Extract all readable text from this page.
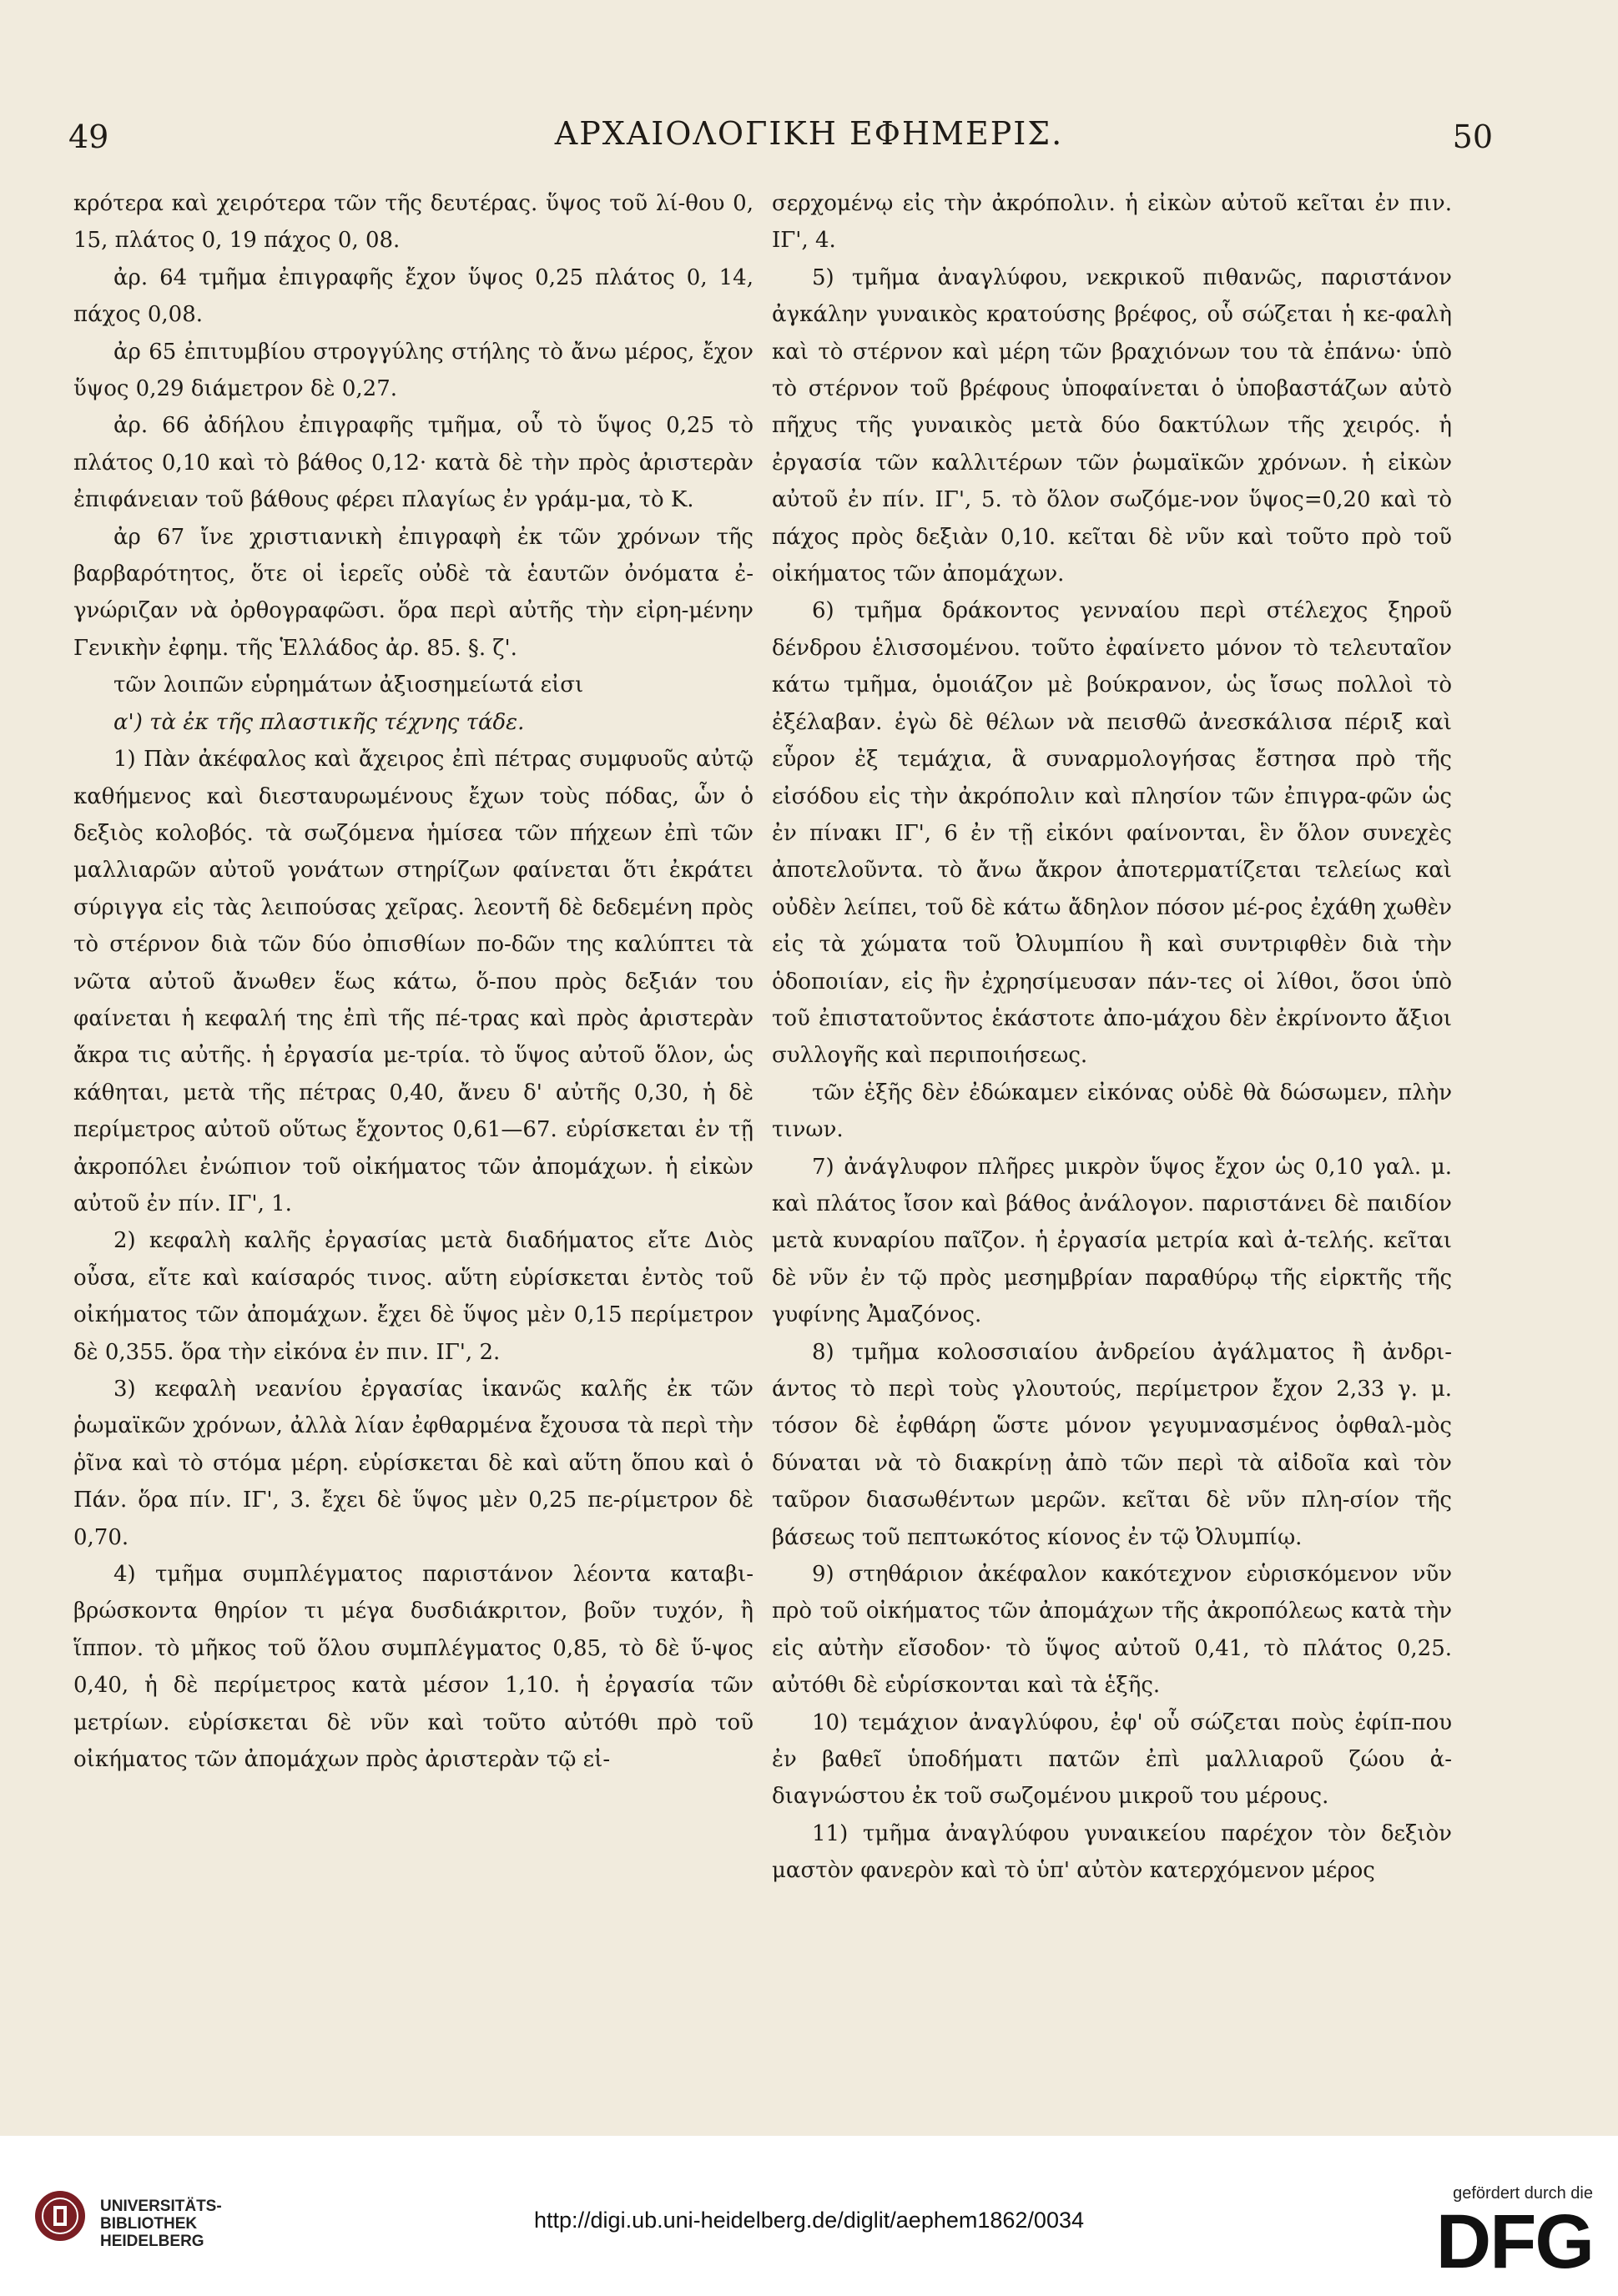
49	ΑΡΧΑΙΟΛΟΓΙΚΗ ΕΦΗΜΕΡΙΣ.	50

κρότερα καὶ χειρότερα τῶν τῆς δευτέρας. ὕψος τοῦ λί-θου 0, 15, πλάτος 0, 19 πάχος 0, 08.

ἀρ. 64 τμῆμα ἐπιγραφῆς ἔχον ὕψος 0,25 πλάτος 0, 14, πάχος 0,08.

ἀρ 65 ἐπιτυμβίου στρογγύλης στήλης τὸ ἄνω μέρος, ἔχον ὕψος 0,29 διάμετρον δὲ 0,27.

ἀρ. 66 ἀδήλου ἐπιγραφῆς τμῆμα, οὗ τὸ ὕψος 0,25 τὸ πλάτος 0,10 καὶ τὸ βάθος 0,12· κατὰ δὲ τὴν πρὸς ἀριστερὰν ἐπιφάνειαν τοῦ βάθους φέρει πλαγίως ἐν γράμ-μα, τὸ Κ.

ἀρ 67 ἴνε χριστιανικὴ ἐπιγραφὴ ἐκ τῶν χρόνων τῆς βαρβαρότητος, ὅτε οἱ ἱερεῖς οὐδὲ τὰ ἑαυτῶν ὀνόματα ἐ-γνώριζαν νὰ ὀρθογραφῶσι. ὅρα περὶ αὐτῆς τὴν εἰρη-μένην Γενικὴν ἐφημ. τῆς Ἑλλάδος ἀρ. 85. §. ζ'.

τῶν λοιπῶν εὑρημάτων ἀξιοσημείωτά εἰσι

α') τὰ ἐκ τῆς πλαστικῆς τέχνης τάδε.

1) Πὰν ἀκέφαλος καὶ ἄχειρος ἐπὶ πέτρας συμφυοῦς αὐτῷ καθήμενος καὶ διεσταυρωμένους ἔχων τοὺς πόδας, ὧν ὁ δεξιὸς κολοβός. τὰ σωζόμενα ἡμίσεα τῶν πήχεων ἐπὶ τῶν μαλλιαρῶν αὐτοῦ γονάτων στηρίζων φαίνεται ὅτι ἐκράτει σύριγγα εἰς τὰς λειπούσας χεῖρας. λεοντῆ δὲ δεδεμένη πρὸς τὸ στέρνον διὰ τῶν δύο ὀπισθίων πο-δῶν της καλύπτει τὰ νῶτα αὐτοῦ ἄνωθεν ἕως κάτω, ὅ-που πρὸς δεξιάν του φαίνεται ἡ κεφαλή της ἐπὶ τῆς πέ-τρας καὶ πρὸς ἀριστερὰν ἄκρα τις αὐτῆς. ἡ ἐργασία με-τρία. τὸ ὕψος αὐτοῦ ὅλον, ὡς κάθηται, μετὰ τῆς πέτρας 0,40, ἄνευ δ' αὐτῆς 0,30, ἡ δὲ περίμετρος αὐτοῦ οὕτως ἔχοντος 0,61—67. εὑρίσκεται ἐν τῇ ἀκροπόλει ἐνώπιον τοῦ οἰκήματος τῶν ἀπομάχων. ἡ εἰκὼν αὐτοῦ ἐν πίν. ΙΓ', 1.

2) κεφαλὴ καλῆς ἐργασίας μετὰ διαδήματος εἴτε Διὸς οὖσα, εἴτε καὶ καίσαρός τινος. αὕτη εὑρίσκεται ἐντὸς τοῦ οἰκήματος τῶν ἀπομάχων. ἔχει δὲ ὕψος μὲν 0,15 περίμετρον δὲ 0,355. ὅρα τὴν εἰκόνα ἐν πιν. ΙΓ', 2.

3) κεφαλὴ νεανίου ἐργασίας ἱκανῶς καλῆς ἐκ τῶν ῥωμαϊκῶν χρόνων, ἀλλὰ λίαν ἐφθαρμένα ἔχουσα τὰ περὶ τὴν ῥῖνα καὶ τὸ στόμα μέρη. εὑρίσκεται δὲ καὶ αὕτη ὅπου καὶ ὁ Πάν. ὅρα πίν. ΙΓ', 3. ἔχει δὲ ὕψος μὲν 0,25 πε-ρίμετρον δὲ 0,70.

4) τμῆμα συμπλέγματος παριστάνον λέοντα καταβι-βρώσκοντα θηρίον τι μέγα δυσδιάκριτον, βοῦν τυχόν, ἢ ἵππον. τὸ μῆκος τοῦ ὅλου συμπλέγματος 0,85, τὸ δὲ ὕ-ψος 0,40, ἡ δὲ περίμετρος κατὰ μέσον 1,10. ἡ ἐργασία τῶν μετρίων. εὑρίσκεται δὲ νῦν καὶ τοῦτο αὐτόθι πρὸ τοῦ οἰκήματος τῶν ἀπομάχων πρὸς ἀριστερὰν τῷ εἰ-

σερχομένῳ εἰς τὴν ἀκρόπολιν. ἡ εἰκὼν αὐτοῦ κεῖται ἐν πιν. ΙΓ', 4.

5) τμῆμα ἀναγλύφου, νεκρικοῦ πιθανῶς, παριστάνον ἀγκάλην γυναικὸς κρατούσης βρέφος, οὗ σώζεται ἡ κε-φαλὴ καὶ τὸ στέρνον καὶ μέρη τῶν βραχιόνων του τὰ ἐπάνω· ὑπὸ τὸ στέρνον τοῦ βρέφους ὑποφαίνεται ὁ ὑποβαστάζων αὐτὸ πῆχυς τῆς γυναικὸς μετὰ δύο δακτύλων τῆς χειρός. ἡ ἐργασία τῶν καλλιτέρων τῶν ῥωμαϊκῶν χρόνων. ἡ εἰκὼν αὐτοῦ ἐν πίν. ΙΓ', 5. τὸ ὅλον σωζόμε-νον ὕψος=0,20 καὶ τὸ πάχος πρὸς δεξιὰν 0,10. κεῖται δὲ νῦν καὶ τοῦτο πρὸ τοῦ οἰκήματος τῶν ἀπομάχων.

6) τμῆμα δράκοντος γενναίου περὶ στέλεχος ξηροῦ δένδρου ἑλισσομένου. τοῦτο ἐφαίνετο μόνον τὸ τελευταῖον κάτω τμῆμα, ὁμοιάζον μὲ βούκρανον, ὡς ἴσως πολλοὶ τὸ ἐξέλαβαν. ἐγὼ δὲ θέλων νὰ πεισθῶ ἀνεσκάλισα πέριξ καὶ εὗρον ἐξ τεμάχια, ἃ συναρμολογήσας ἔστησα πρὸ τῆς εἰσόδου εἰς τὴν ἀκρόπολιν καὶ πλησίον τῶν ἐπιγρα-φῶν ὡς ἐν πίνακι ΙΓ', 6 ἐν τῇ εἰκόνι φαίνονται, ἓν ὅλον συνεχὲς ἀποτελοῦντα. τὸ ἄνω ἄκρον ἀποτερματίζεται τελείως καὶ οὐδὲν λείπει, τοῦ δὲ κάτω ἄδηλον πόσον μέ-ρος ἐχάθη χωθὲν εἰς τὰ χώματα τοῦ Ὀλυμπίου ἢ καὶ συντριφθὲν διὰ τὴν ὁδοποιίαν, εἰς ἣν ἐχρησίμευσαν πάν-τες οἱ λίθοι, ὅσοι ὑπὸ τοῦ ἐπιστατοῦντος ἑκάστοτε ἀπο-μάχου δὲν ἐκρίνοντο ἄξιοι συλλογῆς καὶ περιποιήσεως.

τῶν ἑξῆς δὲν ἐδώκαμεν εἰκόνας οὐδὲ θὰ δώσωμεν, πλὴν τινων.

7) ἀνάγλυφον πλῆρες μικρὸν ὕψος ἔχον ὡς 0,10 γαλ. μ. καὶ πλάτος ἴσον καὶ βάθος ἀνάλογον. παριστάνει δὲ παιδίον μετὰ κυναρίου παῖζον. ἡ ἐργασία μετρία καὶ ἀ-τελής. κεῖται δὲ νῦν ἐν τῷ πρὸς μεσημβρίαν παραθύρῳ τῆς εἱρκτῆς τῆς γυφίνης Ἀμαζόνος.

8) τμῆμα κολοσσιαίου ἀνδρείου ἀγάλματος ἢ ἀνδρι-άντος τὸ περὶ τοὺς γλουτούς, περίμετρον ἔχον 2,33 γ. μ. τόσον δὲ ἐφθάρη ὥστε μόνον γεγυμνασμένος ὀφθαλ-μὸς δύναται νὰ τὸ διακρίνῃ ἀπὸ τῶν περὶ τὰ αἰδοῖα καὶ τὸν ταῦρον διασωθέντων μερῶν. κεῖται δὲ νῦν πλη-σίον τῆς βάσεως τοῦ πεπτωκότος κίονος ἐν τῷ Ὀλυμπίῳ.

9) στηθάριον ἀκέφαλον κακότεχνον εὑρισκόμενον νῦν πρὸ τοῦ οἰκήματος τῶν ἀπομάχων τῆς ἀκροπόλεως κατὰ τὴν εἰς αὐτὴν εἴσοδον· τὸ ὕψος αὐτοῦ 0,41, τὸ πλάτος 0,25. αὐτόθι δὲ εὑρίσκονται καὶ τὰ ἑξῆς.

10) τεμάχιον ἀναγλύφου, ἐφ' οὗ σώζεται ποὺς ἐφίπ-που ἐν βαθεῖ ὑποδήματι πατῶν ἐπὶ μαλλιαροῦ ζώου ἀ-διαγνώστου ἐκ τοῦ σωζομένου μικροῦ του μέρους.

11) τμῆμα ἀναγλύφου γυναικείου παρέχον τὸν δεξιὸν μαστὸν φανερὸν καὶ τὸ ὑπ' αὐτὸν κατερχόμενον μέρος

UNIVERSITÄTS-
BIBLIOTHEK
HEIDELBERG
http://digi.ub.uni-heidelberg.de/diglit/aephem1862/0034
gefördert durch die
DFG
